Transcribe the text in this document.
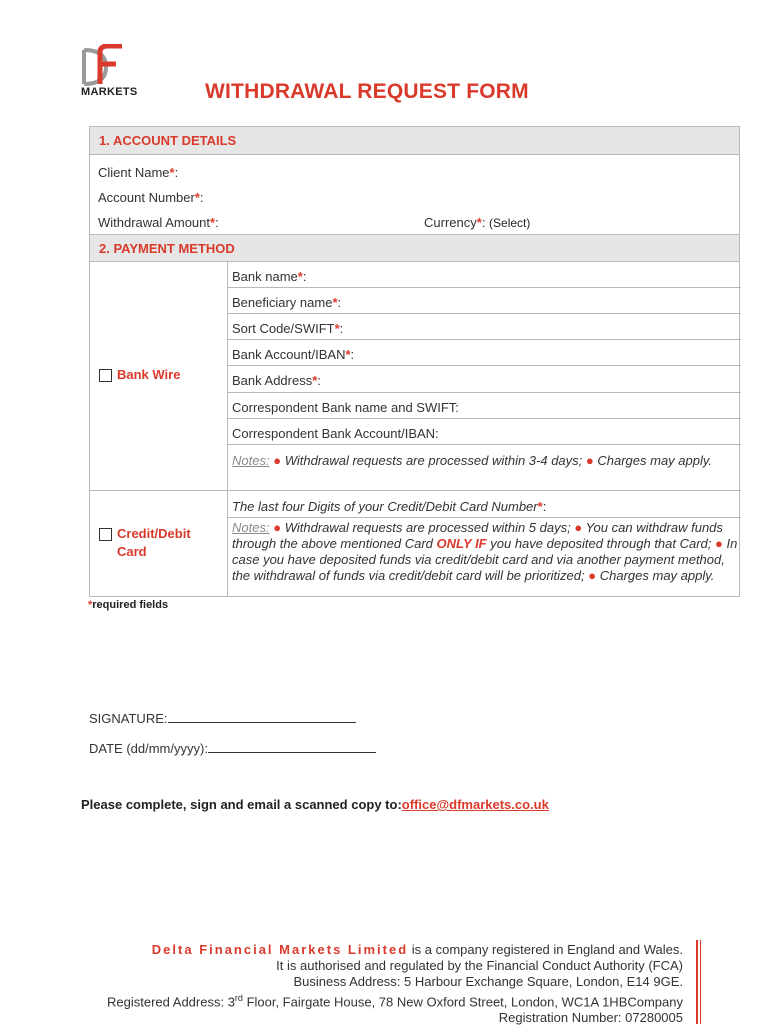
MARKETS	WITHDRAWAL REQUEST FORM
1. ACCOUNT DETAILS
Client Name*:
Account Number*:
Withdrawal Amount*:	Currency*: (Select)
2. PAYMENT METHOD
Bank Wire
Bank name*:
Beneficiary name*:
Sort Code/SWIFT*:
Bank Account/IBAN*:
Bank Address*:
Correspondent Bank name and SWIFT:
Correspondent Bank Account/IBAN:
Notes: ● Withdrawal requests are processed within 3-4 days; ● Charges may apply.
Credit/Debit
Card
The last four Digits of your Credit/Debit Card Number*:
Notes: ● Withdrawal requests are processed within 5 days; ● You can withdraw funds through the above mentioned Card ONLY IF you have deposited through that Card; ● In case you have deposited funds via credit/debit card and via another payment method, the withdrawal of funds via credit/debit card will be prioritized; ● Charges may apply.
*required fields
SIGNATURE:
DATE (dd/mm/yyyy):
Please complete, sign and email a scanned copy to:office@dfmarkets.co.uk
Delta Financial Markets Limited is a company registered in England and Wales.
It is authorised and regulated by the Financial Conduct Authority (FCA)
Business Address: 5 Harbour Exchange Square, London, E14 9GE.
Registered Address: 3rd Floor, Fairgate House, 78 New Oxford Street, London, WC1A 1HBCompany
Registration Number: 07280005
